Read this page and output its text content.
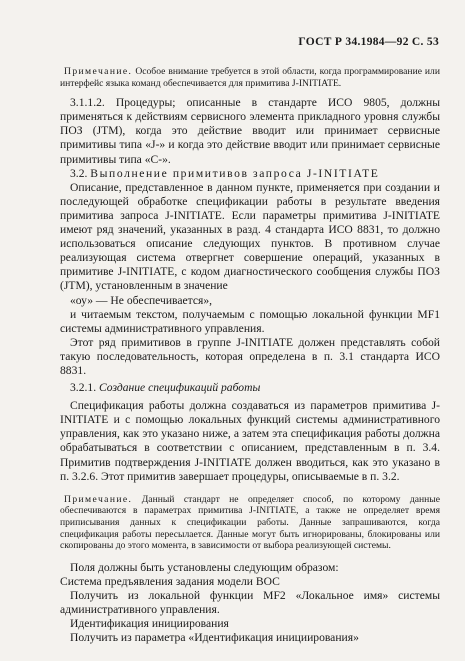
ГОСТ Р 34.1984—92 С. 53

Примечание. Особое внимание требуется в этой области, когда программирование или интерфейс языка команд обеспечивается для примитива J-INITIATE.

3.1.1.2. Процедуры; описанные в стандарте ИСО 9805, должны применяться к действиям сервисного элемента прикладного уровня службы ПОЗ (JTM), когда это действие вводит или принимает сервисные примитивы типа «J-» и когда это действие вводит или принимает сервисные примитивы типа «С-».

3.2. Выполнение примитивов запроса J-INITIATE

Описание, представленное в данном пункте, применяется при создании и последующей обработке спецификации работы в результате введения примитива запроса J-INITIATE. Если параметры примитива J-INITIATE имеют ряд значений, указанных в разд. 4 стандарта ИСО 8831, то должно использоваться описание следующих пунктов. В противном случае реализующая система отвергнет совершение операций, указанных в примитиве J-INITIATE, с кодом диагностического сообщения службы ПОЗ (JTM), установленным в значение

«оу» — Не обеспечивается»,

и читаемым текстом, получаемым с помощью локальной функции MF1 системы административного управления.

Этот ряд примитивов в группе J-INITIATE должен представлять собой такую последовательность, которая определена в п. 3.1 стандарта ИСО 8831.

3.2.1. Создание спецификаций работы

Спецификация работы должна создаваться из параметров примитива J-INITIATE и с помощью локальных функций системы административного управления, как это указано ниже, а затем эта спецификация работы должна обрабатываться в соответствии с описанием, представленным в п. 3.4. Примитив подтверждения J-INITIATE должен вводиться, как это указано в п. 3.2.6. Этот примитив завершает процедуры, описываемые в п. 3.2.

Примечание. Данный стандарт не определяет способ, по которому данные обеспечиваются в параметрах примитива J-INITIATE, а также не определяет время приписывания данных к спецификации работы. Данные запрашиваются, когда спецификация работы пересылается. Данные могут быть игнорированы, блокированы или скопированы до этого момента, в зависимости от выбора реализующей системы.

Поля должны быть установлены следующим образом:

Система предъявления задания модели ВОС

Получить из локальной функции MF2 «Локальное имя» системы административного управления.

Идентификация инициирования

Получить из параметра «Идентификация инициирования»
